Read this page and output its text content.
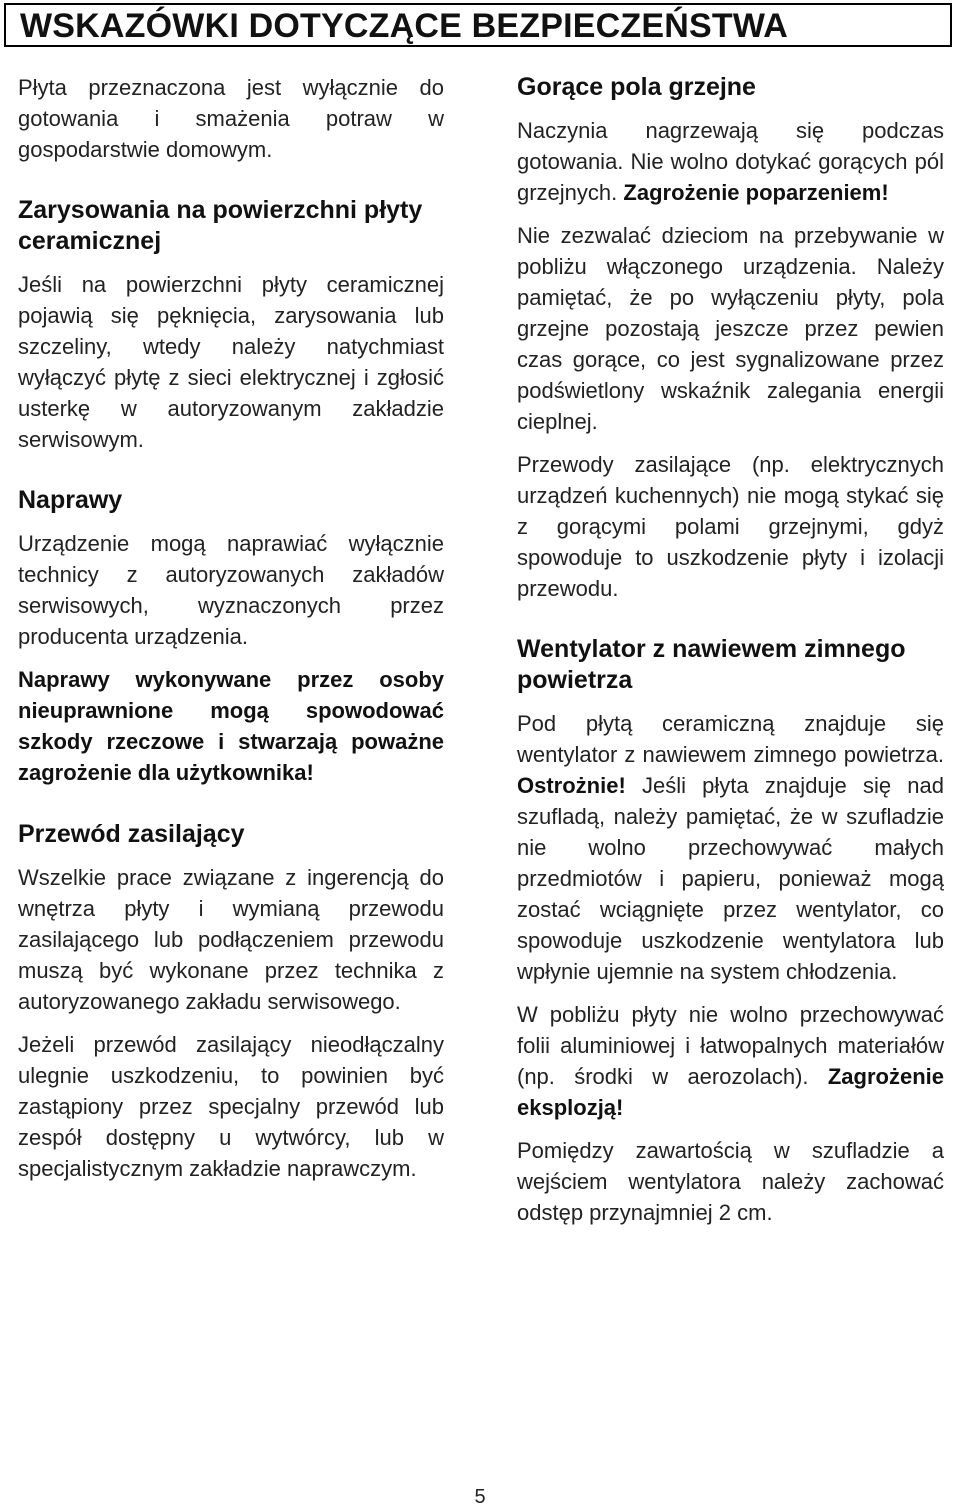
WSKAZÓWKI DOTYCZĄCE BEZPIECZEŃSTWA

Płyta przeznaczona jest wyłącznie do gotowania i smażenia potraw w gospodarstwie domowym.

Zarysowania na powierzchni płyty ceramicznej

Jeśli na powierzchni płyty ceramicznej pojawią się pęknięcia, zarysowania lub szczeliny, wtedy należy natychmiast wyłączyć płytę z sieci elektrycznej i zgłosić usterkę w autoryzowanym zakładzie serwisowym.

Naprawy

Urządzenie mogą naprawiać wyłącznie technicy z autoryzowanych zakładów serwisowych, wyznaczonych przez producenta urządzenia.

Naprawy wykonywane przez osoby nieuprawnione mogą spowodować szkody rzeczowe i stwarzają poważne zagrożenie dla użytkownika!

Przewód zasilający

Wszelkie prace związane z ingerencją do wnętrza płyty i wymianą przewodu zasilającego lub podłączeniem przewodu muszą być wykonane przez technika z autoryzowanego zakładu serwisowego.

Jeżeli przewód zasilający nieodłączalny ulegnie uszkodzeniu, to powinien być zastąpiony przez specjalny przewód lub zespół dostępny u wytwórcy, lub w specjalistycznym zakładzie naprawczym.

Gorące pola grzejne

Naczynia nagrzewają się podczas gotowania. Nie wolno dotykać gorących pól grzejnych. Zagrożenie poparzeniem!

Nie zezwalać dzieciom na przebywanie w pobliżu włączonego urządzenia. Należy pamiętać, że po wyłączeniu płyty, pola grzejne pozostają jeszcze przez pewien czas gorące, co jest sygnalizowane przez podświetlony wskaźnik zalegania energii cieplnej.

Przewody zasilające (np. elektrycznych urządzeń kuchennych) nie mogą stykać się z gorącymi polami grzejnymi, gdyż spowoduje to uszkodzenie płyty i izolacji przewodu.

Wentylator z nawiewem zimnego powietrza

Pod płytą ceramiczną znajduje się wentylator z nawiewem zimnego powietrza. Ostrożnie! Jeśli płyta znajduje się nad szufladą, należy pamiętać, że w szufladzie nie wolno przechowywać małych przedmiotów i papieru, ponieważ mogą zostać wciągnięte przez wentylator, co spowoduje uszkodzenie wentylatora lub wpłynie ujemnie na system chłodzenia.

W pobliżu płyty nie wolno przechowywać folii aluminiowej i łatwopalnych materiałów (np. środki w aerozolach). Zagrożenie eksplozją!

Pomiędzy zawartością w szufladzie a wejściem wentylatora należy zachować odstęp przynajmniej 2 cm.

5
